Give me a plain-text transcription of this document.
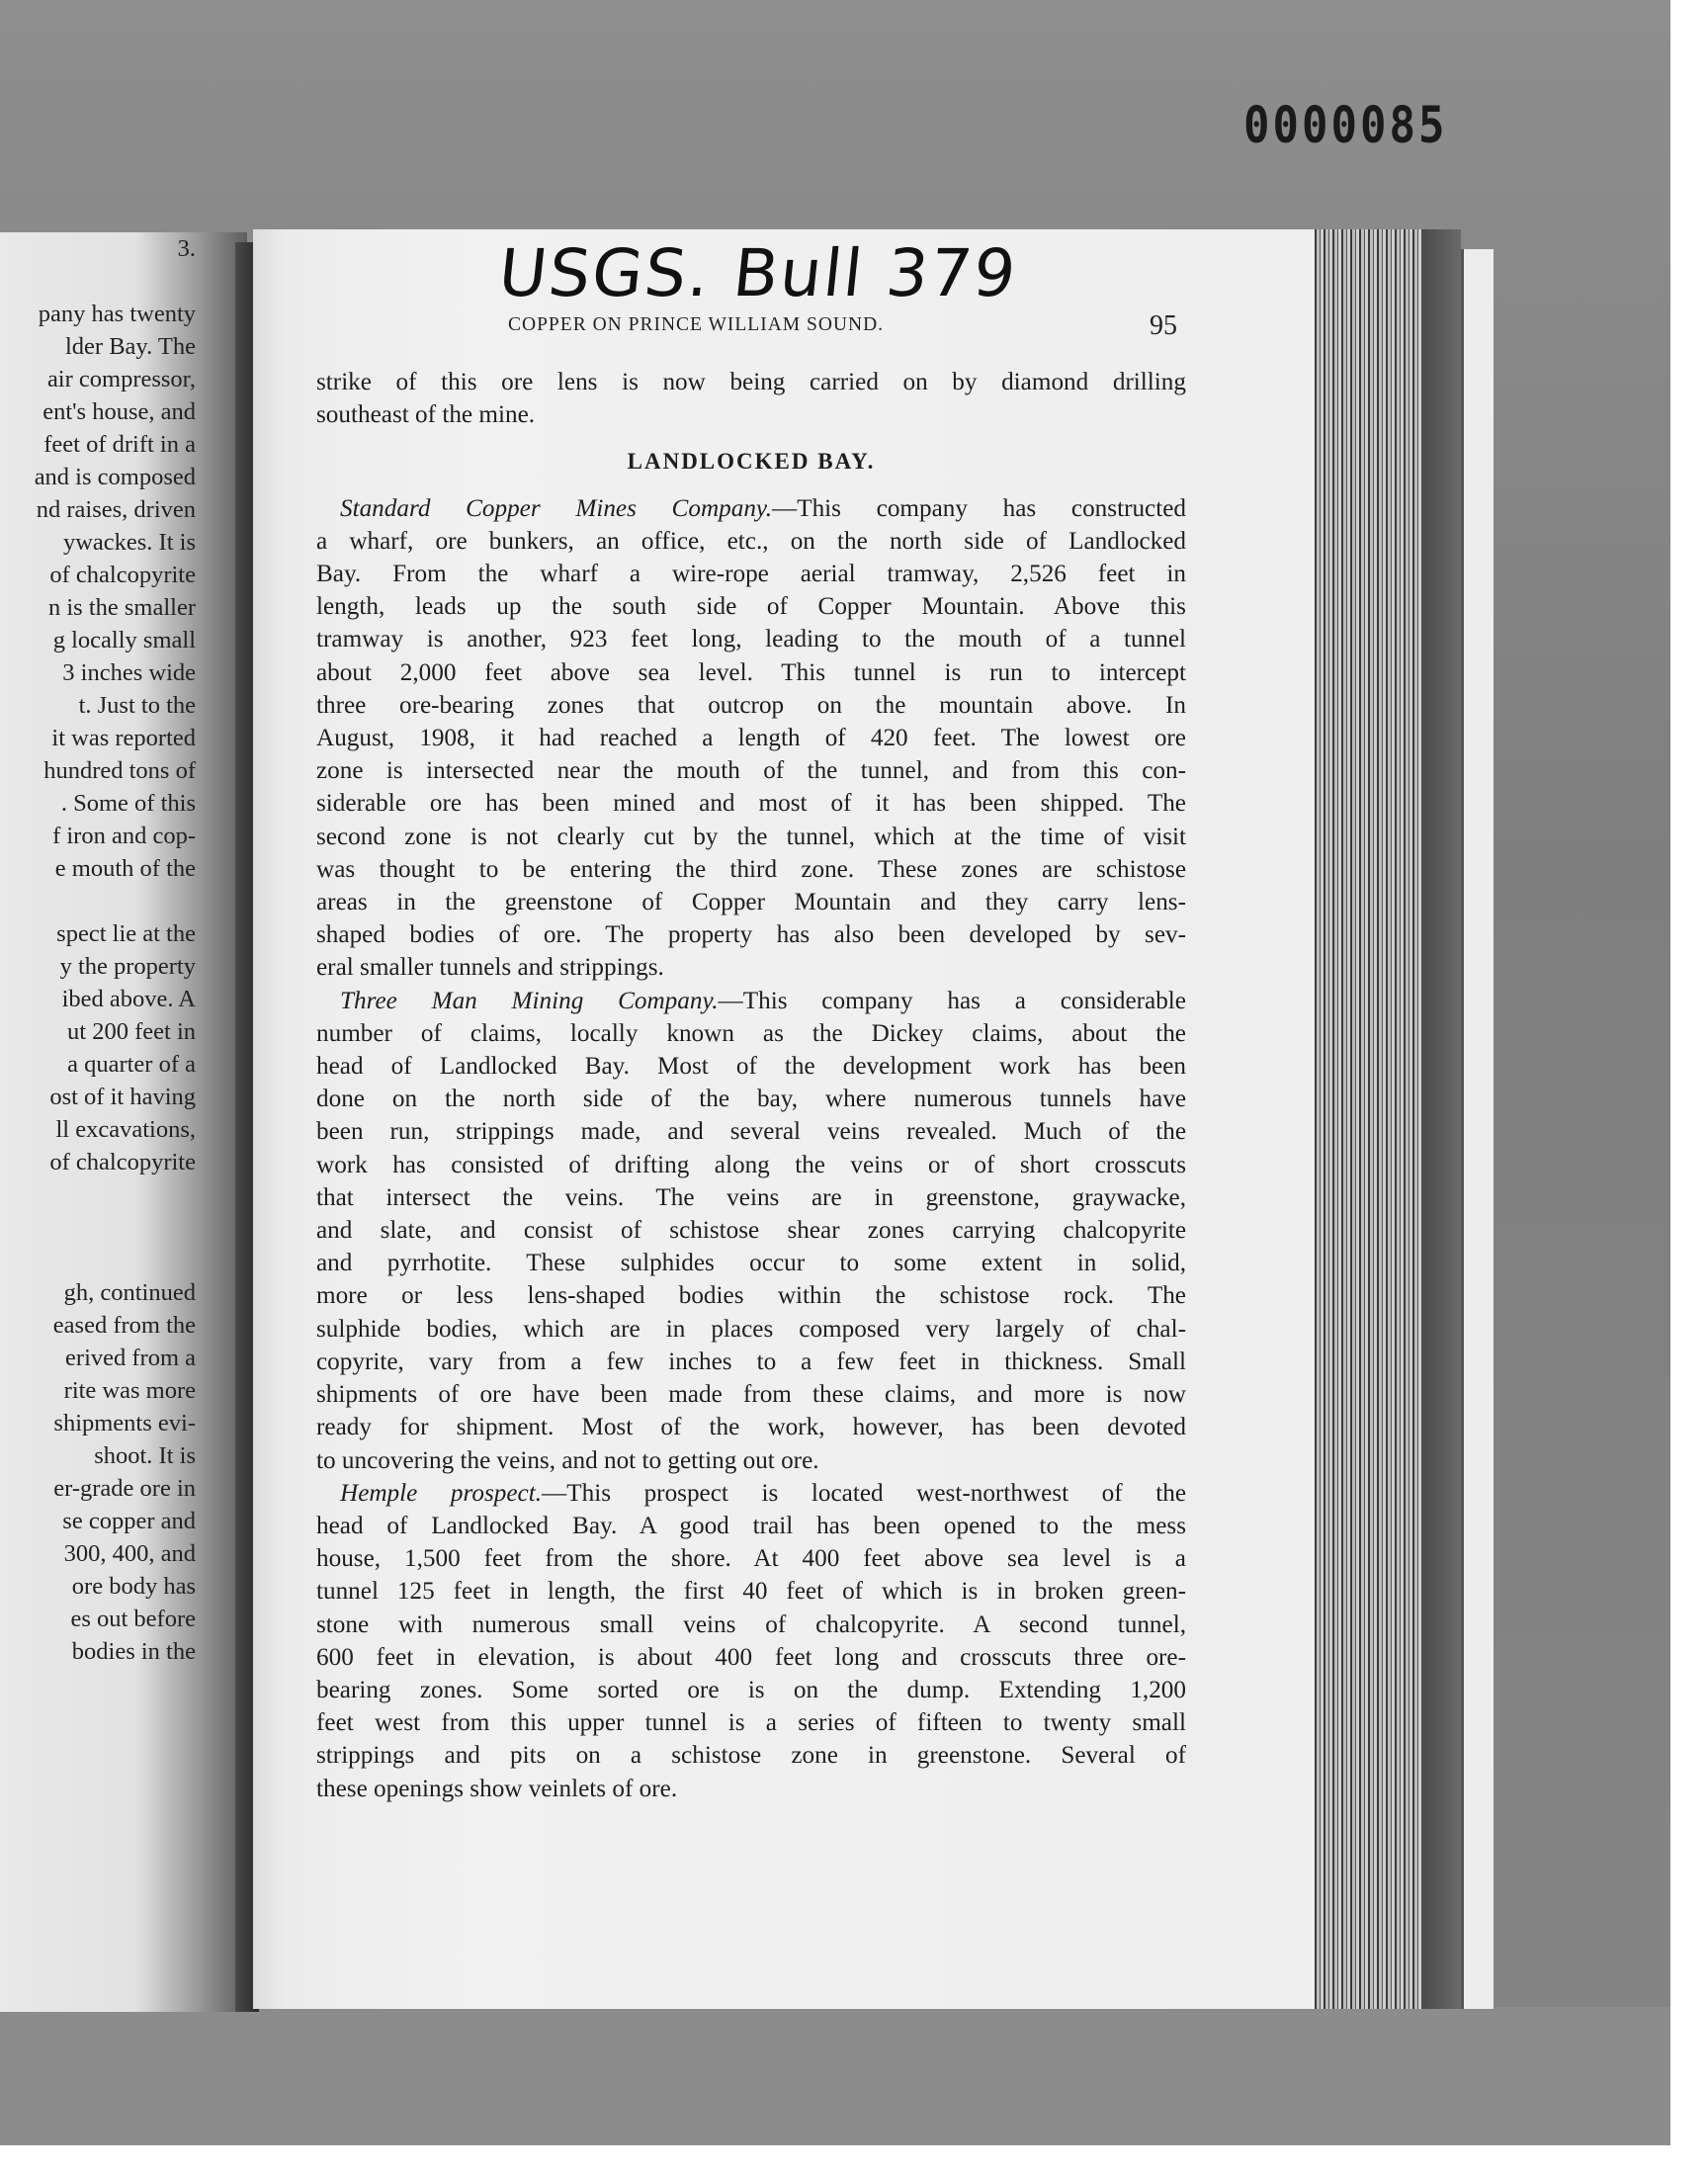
0000085
3.
pany has twenty
lder Bay. The
air compressor,
ent's house, and
feet of drift in a
and is composed
nd raises, driven
ywackes. It is
of chalcopyrite
n is the smaller
g locally small
3 inches wide
t. Just to the
it was reported
hundred tons of
. Some of this
f iron and cop-
e mouth of the
spect lie at the
y the property
ibed above. A
ut 200 feet in
a quarter of a
ost of it having
ll excavations,
of chalcopyrite
gh, continued
eased from the
erived from a
rite was more
shipments evi-
shoot. It is
er-grade ore in
se copper and
300, 400, and
ore body has
es out before
bodies in the
USGS. Bull 379
COPPER ON PRINCE WILLIAM SOUND.	95

strike of this ore lens is now being carried on by diamond drilling
southeast of the mine.

LANDLOCKED BAY.

Standard Copper Mines Company.—This company has constructed
a wharf, ore bunkers, an office, etc., on the north side of Landlocked
Bay. From the wharf a wire-rope aerial tramway, 2,526 feet in
length, leads up the south side of Copper Mountain. Above this
tramway is another, 923 feet long, leading to the mouth of a tunnel
about 2,000 feet above sea level. This tunnel is run to intercept
three ore-bearing zones that outcrop on the mountain above. In
August, 1908, it had reached a length of 420 feet. The lowest ore
zone is intersected near the mouth of the tunnel, and from this con-
siderable ore has been mined and most of it has been shipped. The
second zone is not clearly cut by the tunnel, which at the time of visit
was thought to be entering the third zone. These zones are schistose
areas in the greenstone of Copper Mountain and they carry lens-
shaped bodies of ore. The property has also been developed by sev-
eral smaller tunnels and strippings.

Three Man Mining Company.—This company has a considerable
number of claims, locally known as the Dickey claims, about the
head of Landlocked Bay. Most of the development work has been
done on the north side of the bay, where numerous tunnels have
been run, strippings made, and several veins revealed. Much of the
work has consisted of drifting along the veins or of short crosscuts
that intersect the veins. The veins are in greenstone, graywacke,
and slate, and consist of schistose shear zones carrying chalcopyrite
and pyrrhotite. These sulphides occur to some extent in solid,
more or less lens-shaped bodies within the schistose rock. The
sulphide bodies, which are in places composed very largely of chal-
copyrite, vary from a few inches to a few feet in thickness. Small
shipments of ore have been made from these claims, and more is now
ready for shipment. Most of the work, however, has been devoted
to uncovering the veins, and not to getting out ore.

Hemple prospect.—This prospect is located west-northwest of the
head of Landlocked Bay. A good trail has been opened to the mess
house, 1,500 feet from the shore. At 400 feet above sea level is a
tunnel 125 feet in length, the first 40 feet of which is in broken green-
stone with numerous small veins of chalcopyrite. A second tunnel,
600 feet in elevation, is about 400 feet long and crosscuts three ore-
bearing zones. Some sorted ore is on the dump. Extending 1,200
feet west from this upper tunnel is a series of fifteen to twenty small
strippings and pits on a schistose zone in greenstone. Several of
these openings show veinlets of ore.
